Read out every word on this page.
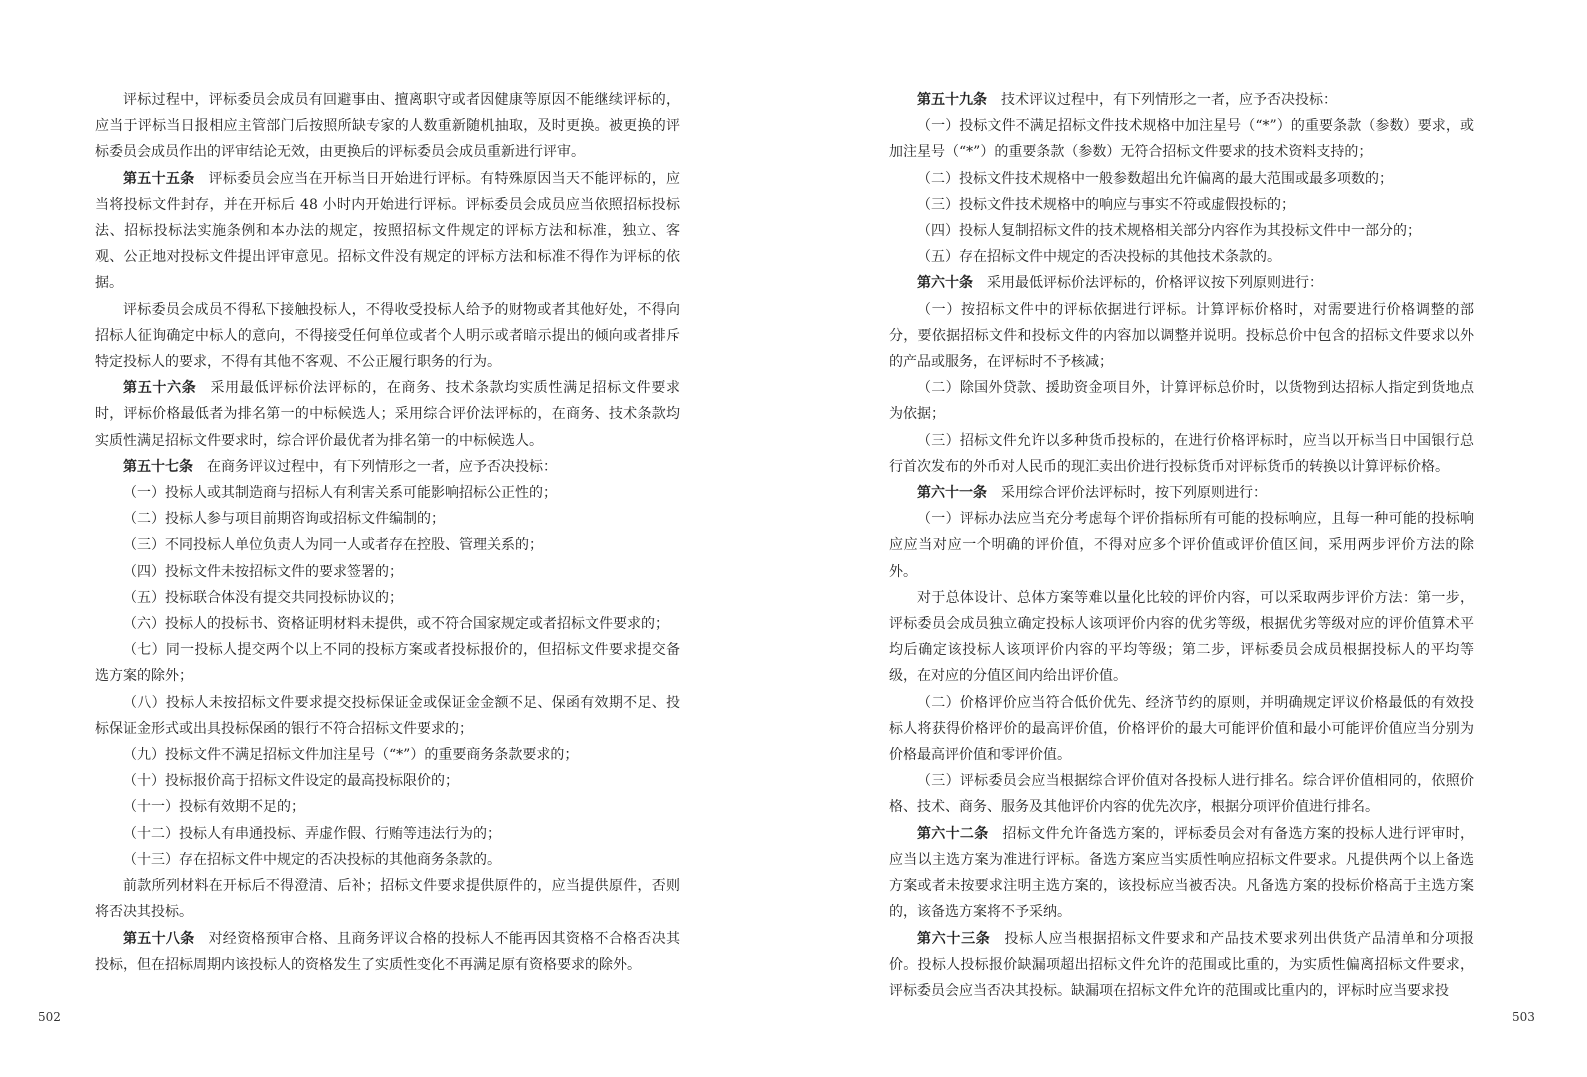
评标过程中，评标委员会成员有回避事由、擅离职守或者因健康等原因不能继续评标的，应当于评标当日报相应主管部门后按照所缺专家的人数重新随机抽取，及时更换。被更换的评标委员会成员作出的评审结论无效，由更换后的评标委员会成员重新进行评审。

第五十五条 评标委员会应当在开标当日开始进行评标。有特殊原因当天不能评标的，应当将投标文件封存，并在开标后 48 小时内开始进行评标。评标委员会成员应当依照招标投标法、招标投标法实施条例和本办法的规定，按照招标文件规定的评标方法和标准，独立、客观、公正地对投标文件提出评审意见。招标文件没有规定的评标方法和标准不得作为评标的依据。

评标委员会成员不得私下接触投标人，不得收受投标人给予的财物或者其他好处，不得向招标人征询确定中标人的意向，不得接受任何单位或者个人明示或者暗示提出的倾向或者排斥特定投标人的要求，不得有其他不客观、不公正履行职务的行为。

第五十六条 采用最低评标价法评标的，在商务、技术条款均实质性满足招标文件要求时，评标价格最低者为排名第一的中标候选人；采用综合评价法评标的，在商务、技术条款均实质性满足招标文件要求时，综合评价最优者为排名第一的中标候选人。

第五十七条 在商务评议过程中，有下列情形之一者，应予否决投标：

（一）投标人或其制造商与招标人有利害关系可能影响招标公正性的；

（二）投标人参与项目前期咨询或招标文件编制的；

（三）不同投标人单位负责人为同一人或者存在控股、管理关系的；

（四）投标文件未按招标文件的要求签署的；

（五）投标联合体没有提交共同投标协议的；

（六）投标人的投标书、资格证明材料未提供，或不符合国家规定或者招标文件要求的；

（七）同一投标人提交两个以上不同的投标方案或者投标报价的，但招标文件要求提交备选方案的除外；

（八）投标人未按招标文件要求提交投标保证金或保证金金额不足、保函有效期不足、投标保证金形式或出具投标保函的银行不符合招标文件要求的；

（九）投标文件不满足招标文件加注星号（“*”）的重要商务条款要求的；

（十）投标报价高于招标文件设定的最高投标限价的；

（十一）投标有效期不足的；

（十二）投标人有串通投标、弄虚作假、行贿等违法行为的；

（十三）存在招标文件中规定的否决投标的其他商务条款的。

前款所列材料在开标后不得澄清、后补；招标文件要求提供原件的，应当提供原件，否则将否决其投标。

第五十八条 对经资格预审合格、且商务评议合格的投标人不能再因其资格不合格否决其投标，但在招标周期内该投标人的资格发生了实质性变化不再满足原有资格要求的除外。

502

第五十九条 技术评议过程中，有下列情形之一者，应予否决投标：

（一）投标文件不满足招标文件技术规格中加注星号（“*”）的重要条款（参数）要求，或加注星号（“*”）的重要条款（参数）无符合招标文件要求的技术资料支持的；

（二）投标文件技术规格中一般参数超出允许偏离的最大范围或最多项数的；

（三）投标文件技术规格中的响应与事实不符或虚假投标的；

（四）投标人复制招标文件的技术规格相关部分内容作为其投标文件中一部分的；

（五）存在招标文件中规定的否决投标的其他技术条款的。

第六十条 采用最低评标价法评标的，价格评议按下列原则进行：

（一）按招标文件中的评标依据进行评标。计算评标价格时，对需要进行价格调整的部分，要依据招标文件和投标文件的内容加以调整并说明。投标总价中包含的招标文件要求以外的产品或服务，在评标时不予核减；

（二）除国外贷款、援助资金项目外，计算评标总价时，以货物到达招标人指定到货地点为依据；

（三）招标文件允许以多种货币投标的，在进行价格评标时，应当以开标当日中国银行总行首次发布的外币对人民币的现汇卖出价进行投标货币对评标货币的转换以计算评标价格。

第六十一条 采用综合评价法评标时，按下列原则进行：

（一）评标办法应当充分考虑每个评价指标所有可能的投标响应，且每一种可能的投标响应应当对应一个明确的评价值，不得对应多个评价值或评价值区间，采用两步评价方法的除外。

对于总体设计、总体方案等难以量化比较的评价内容，可以采取两步评价方法：第一步，评标委员会成员独立确定投标人该项评价内容的优劣等级，根据优劣等级对应的评价值算术平均后确定该投标人该项评价内容的平均等级；第二步，评标委员会成员根据投标人的平均等级，在对应的分值区间内给出评价值。

（二）价格评价应当符合低价优先、经济节约的原则，并明确规定评议价格最低的有效投标人将获得价格评价的最高评价值，价格评价的最大可能评价值和最小可能评价值应当分别为价格最高评价值和零评价值。

（三）评标委员会应当根据综合评价值对各投标人进行排名。综合评价值相同的，依照价格、技术、商务、服务及其他评价内容的优先次序，根据分项评价值进行排名。

第六十二条 招标文件允许备选方案的，评标委员会对有备选方案的投标人进行评审时，应当以主选方案为准进行评标。备选方案应当实质性响应招标文件要求。凡提供两个以上备选方案或者未按要求注明主选方案的，该投标应当被否决。凡备选方案的投标价格高于主选方案的，该备选方案将不予采纳。

第六十三条 投标人应当根据招标文件要求和产品技术要求列出供货产品清单和分项报价。投标人投标报价缺漏项超出招标文件允许的范围或比重的，为实质性偏离招标文件要求，评标委员会应当否决其投标。缺漏项在招标文件允许的范围或比重内的，评标时应当要求投

503
